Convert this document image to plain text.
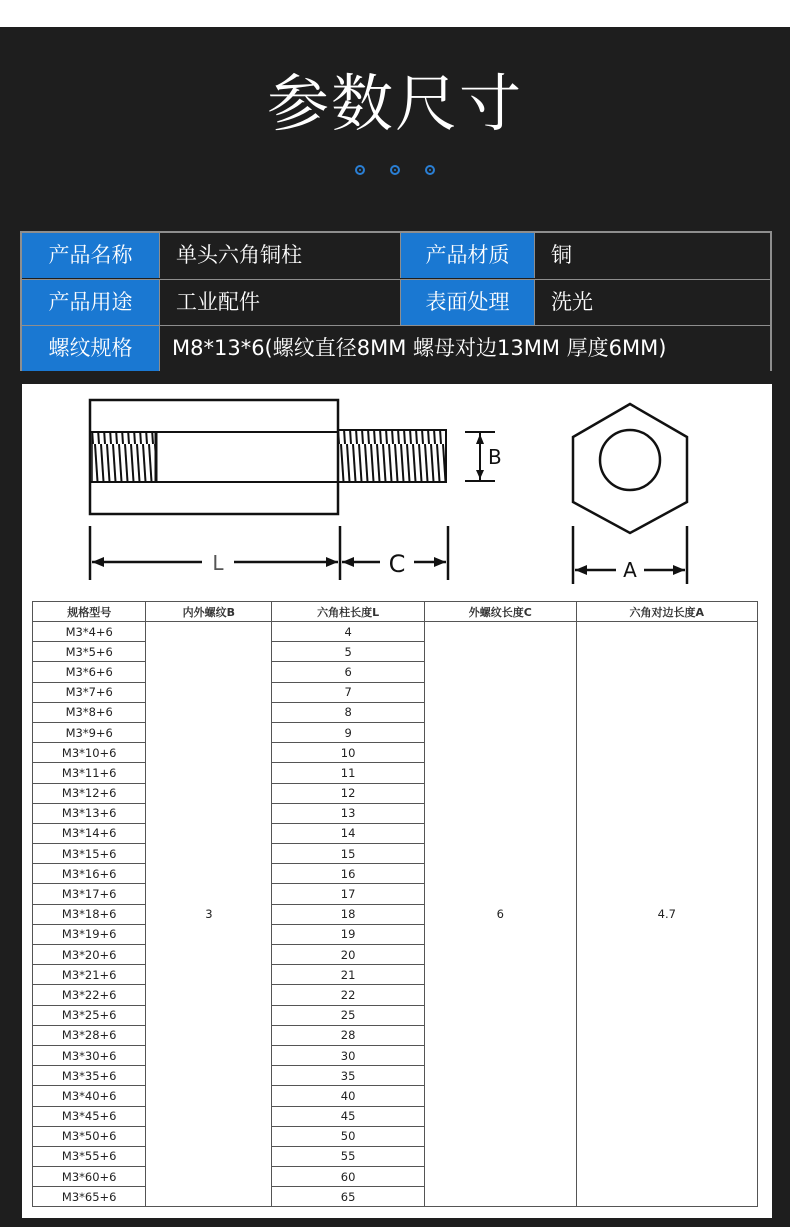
参数尺寸

产品名称	单头六角铜柱	产品材质	铜
产品用途	工业配件	表面处理	洗光
螺纹规格	M8*13*6(螺纹直径8MM 螺母对边13MM 厚度6MM)
B
L	C	A
规格型号	内外螺纹B	六角柱长度L	外螺纹长度C	六角对边长度A
M3*4+6	3	4	6	4.7
M3*5+6		5		
M3*6+6		6		
M3*7+6		7		
M3*8+6		8		
M3*9+6		9		
M3*10+6		10		
M3*11+6		11		
M3*12+6		12		
M3*13+6		13		
M3*14+6		14		
M3*15+6		15		
M3*16+6		16		
M3*17+6		17		
M3*18+6		18		
M3*19+6		19		
M3*20+6		20		
M3*21+6		21		
M3*22+6		22		
M3*25+6		25		
M3*28+6		28		
M3*30+6		30		
M3*35+6		35		
M3*40+6		40		
M3*45+6		45		
M3*50+6		50		
M3*55+6		55		
M3*60+6		60		
M3*65+6		65		
